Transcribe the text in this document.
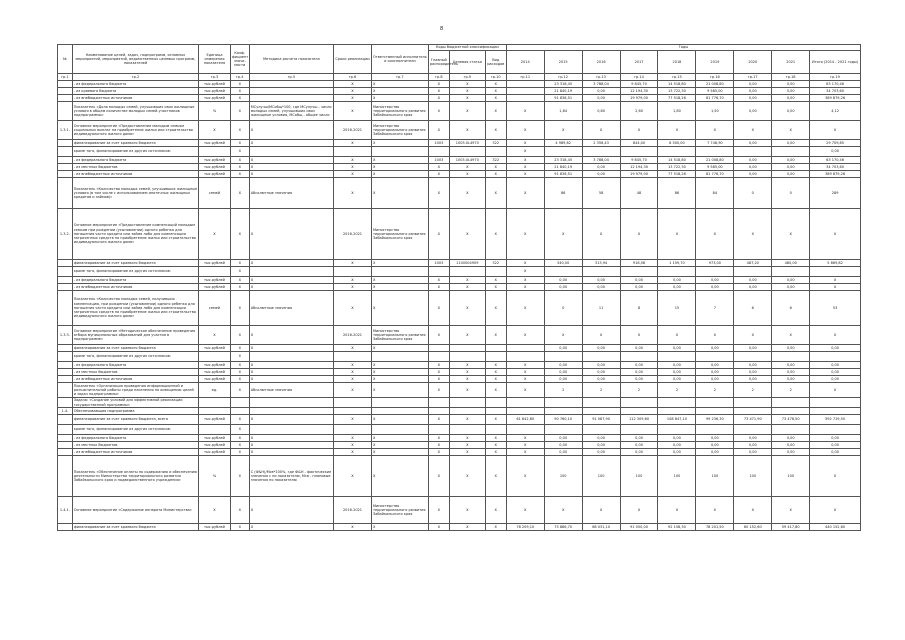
8
№	Наименование целей, задач, подпрограмм, основных мероприятий, мероприятий, ведомственных целевых программ, показателей	Единица измерения показателя	Коэф-фициент значи-мости	Методика расчета показателя	Сроки реализации	Ответственный исполнитель и соисполнители	Коды бюджетной классификации			Годы								
							Главный распорядитель	Целевая статья	Вид расходов	2014	2015	2016	2017	2018	2019	2020	2021	Итого (2014 - 2021 годы)
гр.1	гр.2	гр.3	гр.4	гр.5	гр.6	гр.7	гр.8	гр.9	гр.10	гр.11	гр.12	гр.13	гр.14	гр.15	гр.16	гр.17	гр.18	гр.19
	- из федерального бюджета	тыс.рублей	X		X	X	X	X	X		23 318,45	3 788,04	9 845,70	14 518,80	21 008,80	0,00	0,00	63 170,46
	- из краевого бюджета	тыс.рублей	X		X	X	X	X	X		21 840,19	0,00	12 194,30	13 722,30	9 585,00	0,00	0,00	34 703,60
	- из внебюджетных источников	тыс.рублей	X		X	X	X	X	X		91 836,51	0,00	19 979,00	77 518,26	81 776,70	0,00	0,00	389 879,26
	Показатель «Доля молодых семей, улучшивших свои жилищные условия в общем количестве молодых семей-участников подпрограммы»	%	X	МСулучш/МСобщ*100, где МСулучш - число молодых семей, улучшивших свои жилищные условия, МСобщ - общее число	X	Министерство территориального развития Забайкальского края	X	X	X	X	1,84	0,80	2,60	1,80	1,50	0,00	0,00	4,12
1.3.1.	Основное мероприятие «Предоставление молодым семьям социальных выплат на приобретение жилья или строительство индивидуального жилого дома»	X	X	X	2016-2021	Министерство территориального развития Забайкальского края	X	X	X	X	X	X	X	X	X	X	X	X
	финансирование за счет краевого бюджета	тыс.рублей	X	X	X	X	1003	1003.0L4970	322	X	4 989,82	2 356,43	844,00	8 500,00	7 748,90	0,00	0,00	29 709,85
	кроме того, финансирование из других источников:		X							X								0,00
	- из федерального бюджета	тыс.рублей	X	X	X	X	1003	1003.0L4970	322	X	23 318,45	3 788,04	9 845,70	14 518,80	21 008,80	0,00	0,00	63 170,46
	- из местных бюджетов	тыс.рублей	X	X	X	X	X	X	X	X	21 840,19	0,00	12 194,30	13 722,30	9 585,00	0,00	0,00	34 703,60
	- из внебюджетных источников	тыс.рублей	X	X	X	X	X	X	X	X	91 836,51	0,00	19 979,00	77 518,26	81 776,70	0,00	0,00	389 879,26
	Показатель «Количество молодых семей, улучшивших жилищные условия (в том числе с использованием ипотечных жилищных кредитов и займов)»	семей	X	Абсолютные значения	X	X	X	X	X	X	86	58	48	86	84	0	0	289
1.3.2.	Основное мероприятие «Предоставление компенсаций молодым семьям при рождении (усыновлении) одного ребенка для погашения части кредита или займа либо для компенсации затраченных средств на приобретение жилья или строительство индивидуального жилого дома»	X	X	X	2016-2021	Министерство территориального развития Забайкальского края	X	X	X	X	X	X	X	X	X	X	X	X
	финансирование за счет краевого бюджета	тыс.рублей	X	X	X	X	1003	1100004909	322	X	340,00	313,94	918,58	1 159,70	973,00	487,20	480,00	5 869,82
	кроме того, финансирование из других источников:		X							X								
	- из федерального бюджета	тыс.рублей	X	X	X	X	X	X	X	X	0,00	0,00	0,00	0,00	0,00	0,00	0,00	X
	- из внебюджетных источников	тыс.рублей	X	X	X	X	X	X	X	X	0,00	0,00	0,00	0,00	0,00	0,00	0,00	X
	Показатель «Количество молодых семей, получивших компенсацию, при рождении (усыновлении) одного ребенка для погашения части кредита или займа либо для компенсации затраченных средств на приобретение жилья или строительство индивидуального жилого дома»	семей	X	Абсолютные значения	X	X	X	X	X	X	0	11	8	15	7	6	6	53
1.3.3.	Основное мероприятие «Методическое обеспечение проведения отбора муниципальных образований для участия в подпрограмме»	X	X	X	2016-2021	Министерство территориального развития Забайкальского края	X	X	X	X	X	X	X	X	X	X	X	X
	финансирование за счет краевого бюджета	тыс.рублей	X	X	X	X					0,00	0,00	0,00	0,00	0,00	0,00	0,00	0,00
	кроме того, финансирование из других источников:		X															
	- из федерального бюджета	тыс.рублей	X	X	X	X	X	X	X	X	0,00	0,00	0,00	0,00	0,00	0,00	0,00	0,00
	- из местных бюджетов	тыс.рублей	X	X	X	X	X	X	X	X	0,00	0,00	0,00	0,00	0,00	0,00	0,00	0,00
	- из внебюджетных источников	тыс.рублей	X	X	X	X	X	X	X	X	0,00	0,00	0,00	0,00	0,00	0,00	0,00	0,00
	Показатель «Организация проведения информационной и разъяснительной работы среди населения по освещению целей и задач подпрограммы»	ед.	X	Абсолютные значения	X	X	X	X	X	X	2	2	2	2	2	2	2	X
	Задача: «Создание условий для эффективной реализации государственной программы»																	
1.4.	Обеспечивающая подпрограмма																	
	финансирование за счет краевого бюджета, всего	тыс.рублей	X	X	X	X	X	X	X	61 642,60	90 760,10	91 087,90	112 309,60	108 847,10	99 236,30	73 471,90	73 478,50	592 719,50
	кроме того, финансирование из других источников:		X															
	- из федерального бюджета	тыс.рублей	X	X	X	X	X	X	X	X	0,00	0,00	0,00	0,00	0,00	0,00	0,00	0,00
	- из местных бюджетов	тыс.рублей	X	X	X	X	X	X	X	X	0,00	0,00	0,00	0,00	0,00	0,00	0,00	0,00
	- из внебюджетных источников	тыс.рублей	X	X	X	X	X	X	X	X	0,00	0,00	0,00	0,00	0,00	0,00	0,00	0,00
	Показатель «Обеспечение оплаты по содержанию и обеспечению деятельности Министерства территориального развития Забайкальского края и подведомственного учреждения»	%	X	С (Ф&Н)/Мсв*100%, где Ф&Н - фактические значения с по показателю, Мсв - плановые значения по показателю	X	X	X	X	X	X	100	100	100	100	100	100	100	X
1.4.1.	Основное мероприятие «Содержание аппарата Министерства»	X	X	X	2016-2021	Министерство территориального развития Забайкальского края	X	X	X	X	X	X	X	X	X	X	X	X
	финансирование за счет краевого бюджета	тыс.рублей	X	X	X	X	X	X	X	78 209,10	75 886,70	68 031,10	91 050,00	92 158,30	78 201,50	60 152,60	59 417,80	440 152,60
